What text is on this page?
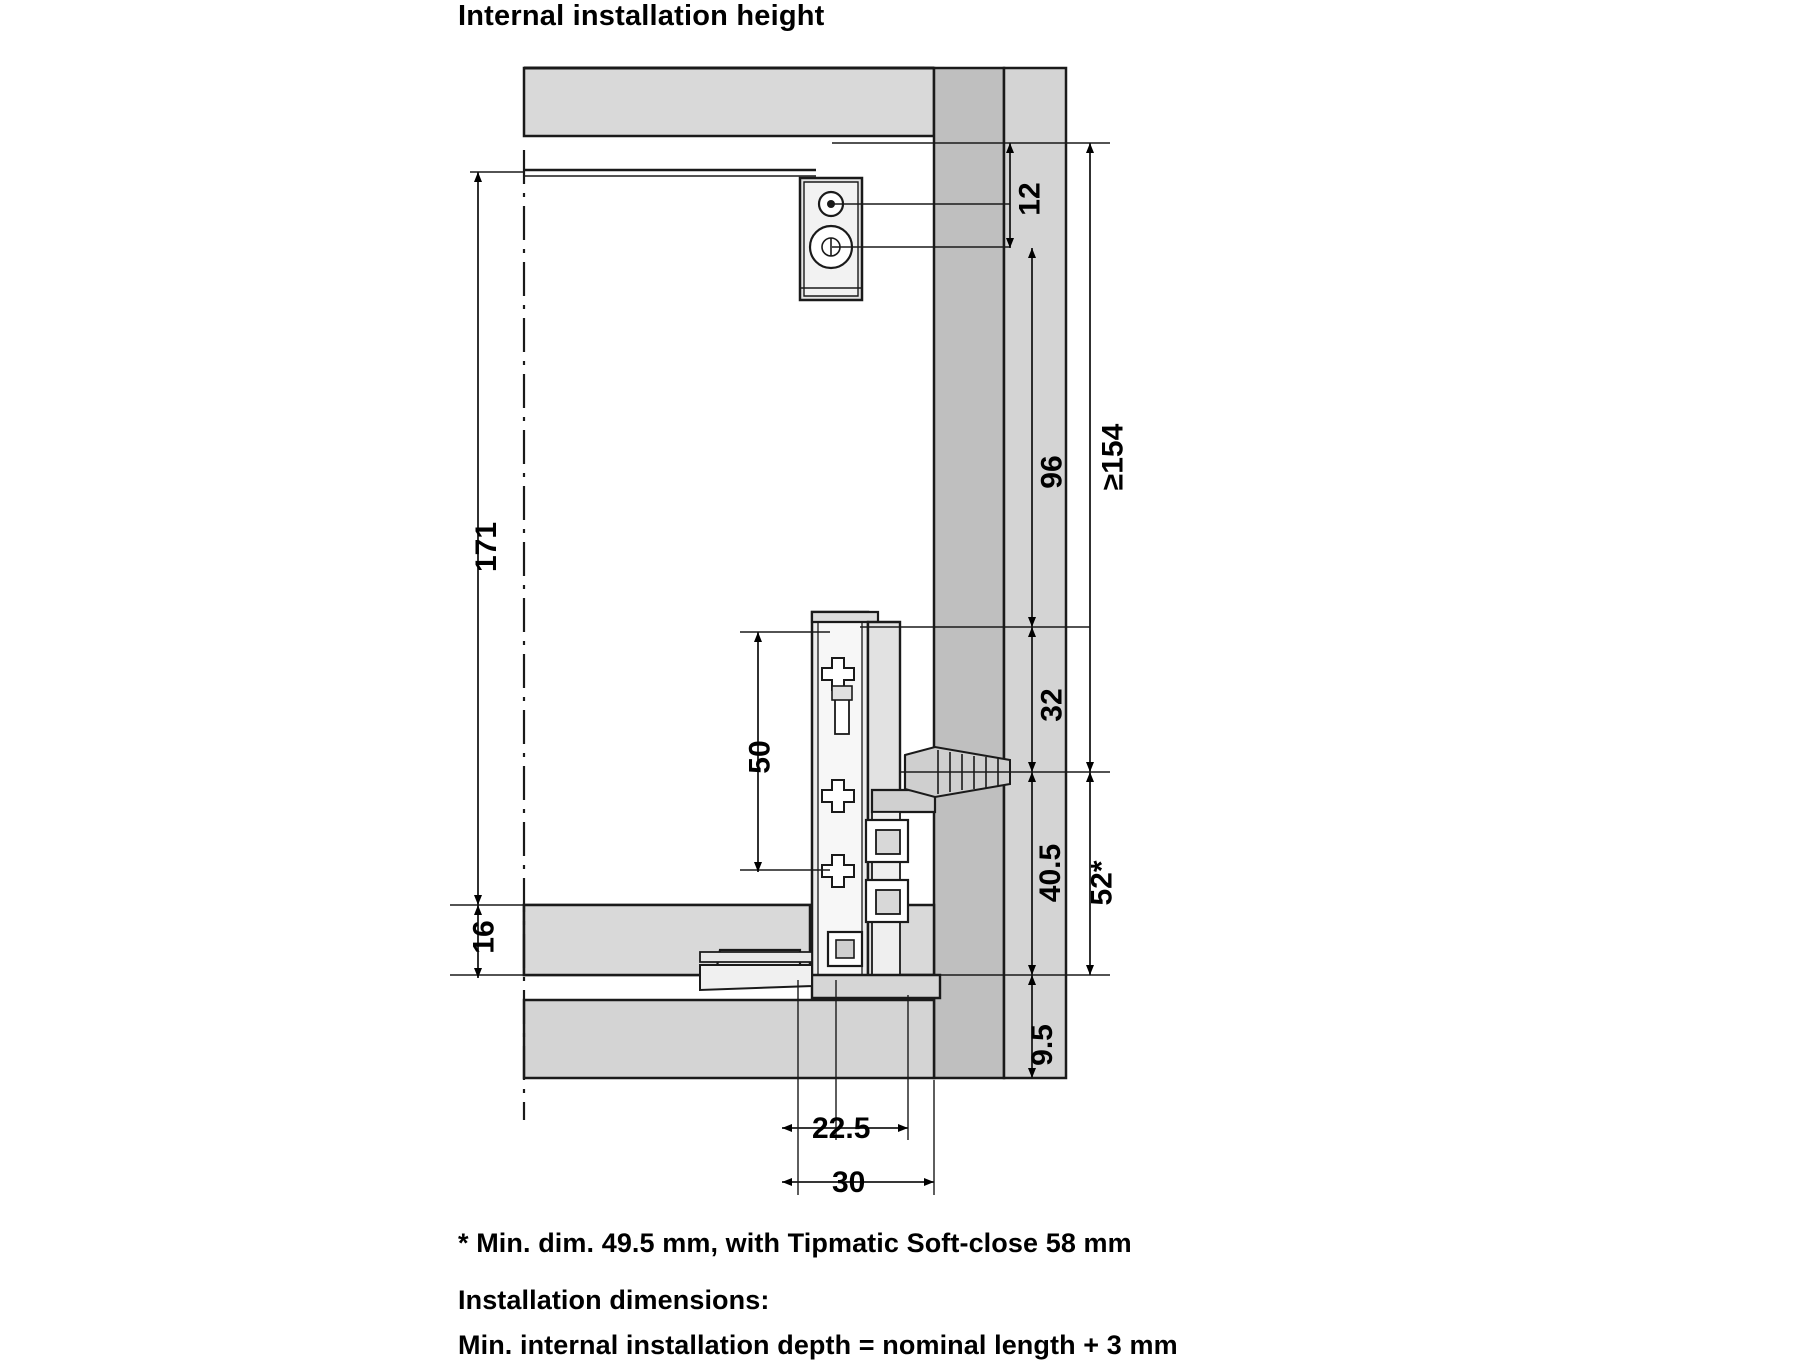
Internal installation height
12
96 ≥154
32
40.5 52*
9.5
171
16
50
22.5
30
* Min. dim. 49.5 mm, with Tipmatic Soft-close 58 mm
Installation dimensions:
Min. internal installation depth = nominal length + 3 mm
